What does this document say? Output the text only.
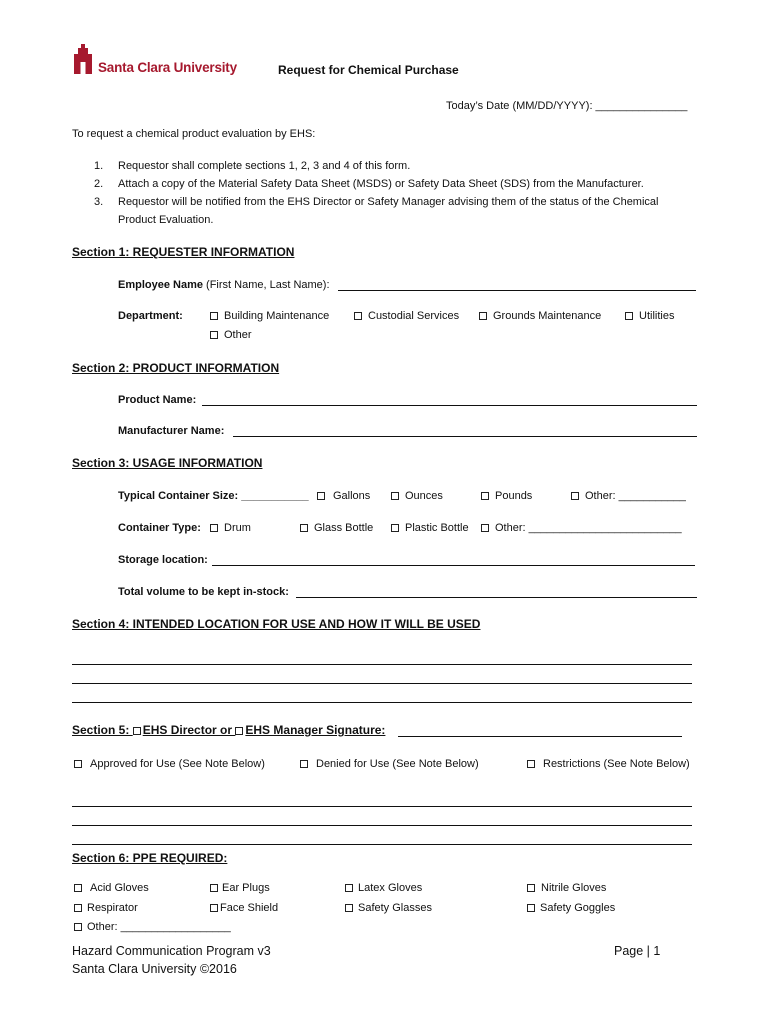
Santa Clara University	Request for Chemical Purchase
Today’s Date (MM/DD/YYYY): _______________
To request a chemical product evaluation by EHS:
1. Requestor shall complete sections 1, 2, 3 and 4 of this form.
2. Attach a copy of the Material Safety Data Sheet (MSDS) or Safety Data Sheet (SDS) from the Manufacturer.
3. Requestor will be notified from the EHS Director or Safety Manager advising them of the status of the Chemical
Product Evaluation.
Section 1: REQUESTER INFORMATION
Employee Name (First Name, Last Name):
Department:	Building Maintenance	Custodial Services	Grounds Maintenance	Utilities
Other
Section 2: PRODUCT INFORMATION
Product Name:
Manufacturer Name:
Section 3: USAGE INFORMATION
Typical Container Size: ___________	Gallons	Ounces	Pounds	Other: ___________
Container Type:	Drum	Glass Bottle	Plastic Bottle	Other: _________________________
Storage location:
Total volume to be kept in-stock:
Section 4: INTENDED LOCATION FOR USE AND HOW IT WILL BE USED
Section 5: EHS Director or EHS Manager Signature:
Approved for Use (See Note Below)	Denied for Use (See Note Below)	Restrictions (See Note Below)
Section 6: PPE REQUIRED:
Acid Gloves	Ear Plugs	Latex Gloves	Nitrile Gloves
Respirator	Face Shield	Safety Glasses	Safety Goggles
Other: __________________
Hazard Communication Program v3
Santa Clara University ©2016
Page | 1
